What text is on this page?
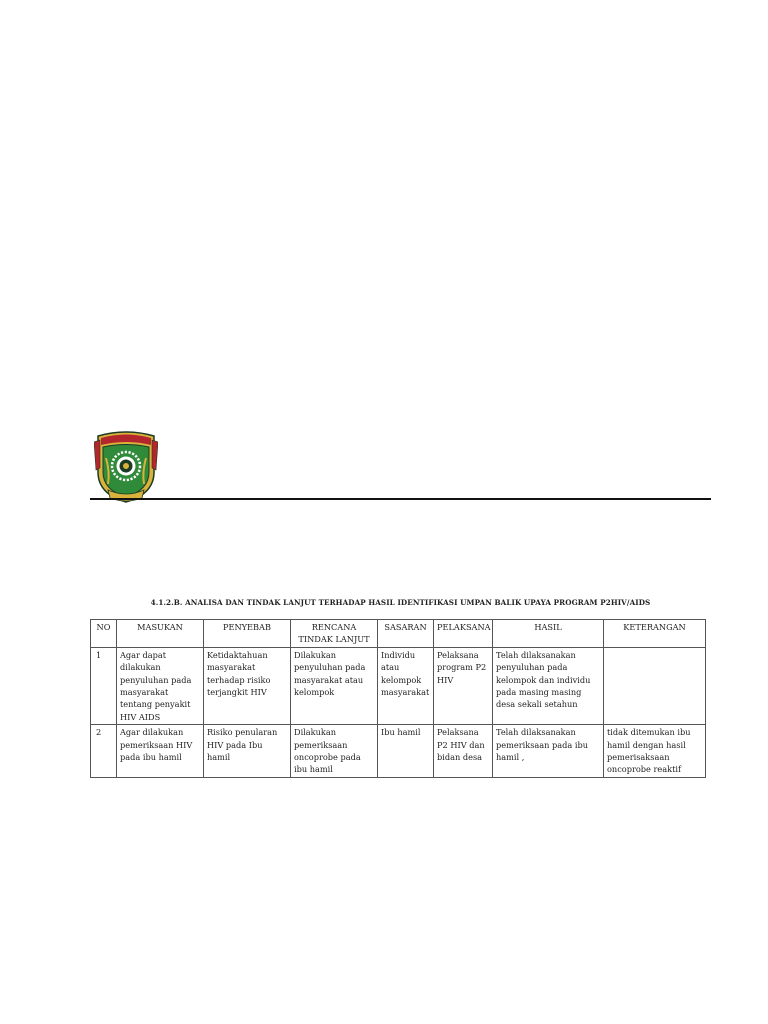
4.1.2.B. ANALISA DAN TINDAK LANJUT TERHADAP HASIL IDENTIFIKASI UMPAN BALIK UPAYA PROGRAM P2HIV/AIDS
NO	MASUKAN	PENYEBAB	RENCANA TINDAK LANJUT	SASARAN	PELAKSANA	HASIL	KETERANGAN
1	Agar dapat dilakukan penyuluhan pada masyarakat tentang penyakit HIV AIDS	Ketidaktahuan masyarakat terhadap risiko terjangkit HIV	Dilakukan penyuluhan pada masyarakat atau kelompok	Individu atau kelompok masyarakat	Pelaksana program P2 HIV	Telah dilaksanakan penyuluhan pada kelompok dan individu pada masing masing desa sekali setahun	
2	Agar dilakukan pemeriksaan HIV pada ibu hamil	Risiko penularan HIV pada Ibu hamil	Dilakukan pemeriksaan oncoprobe pada ibu hamil	Ibu hamil	Pelaksana P2 HIV dan bidan desa	Telah dilaksanakan pemeriksaan pada ibu hamil ,	tidak ditemukan ibu hamil dengan hasil pemerisaksaan oncoprobe reaktif
